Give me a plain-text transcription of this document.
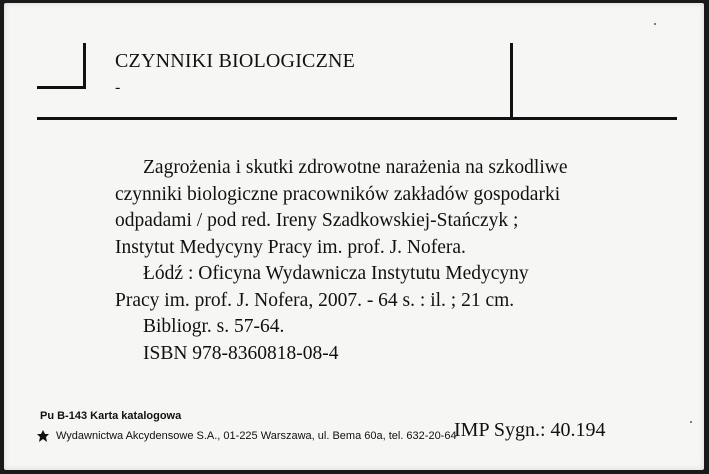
CZYNNIKI BIOLOGICZNE
-
Zagrożenia i skutki zdrowotne narażenia na szkodliwe
czynniki biologiczne pracowników zakładów gospodarki
odpadami / pod red. Ireny Szadkowskiej-Stańczyk ;
Instytut Medycyny Pracy im. prof. J. Nofera.
Łódź : Oficyna Wydawnicza Instytutu Medycyny
Pracy im. prof. J. Nofera, 2007. - 64 s. : il. ; 21 cm.
Bibliogr. s. 57-64.
ISBN 978-8360818-08-4
Pu B-143 Karta katalogowa
Wydawnictwa Akcydensowe S.A., 01-225 Warszawa, ul. Bema 60a, tel. 632-20-64
IMP Sygn.: 40.194
